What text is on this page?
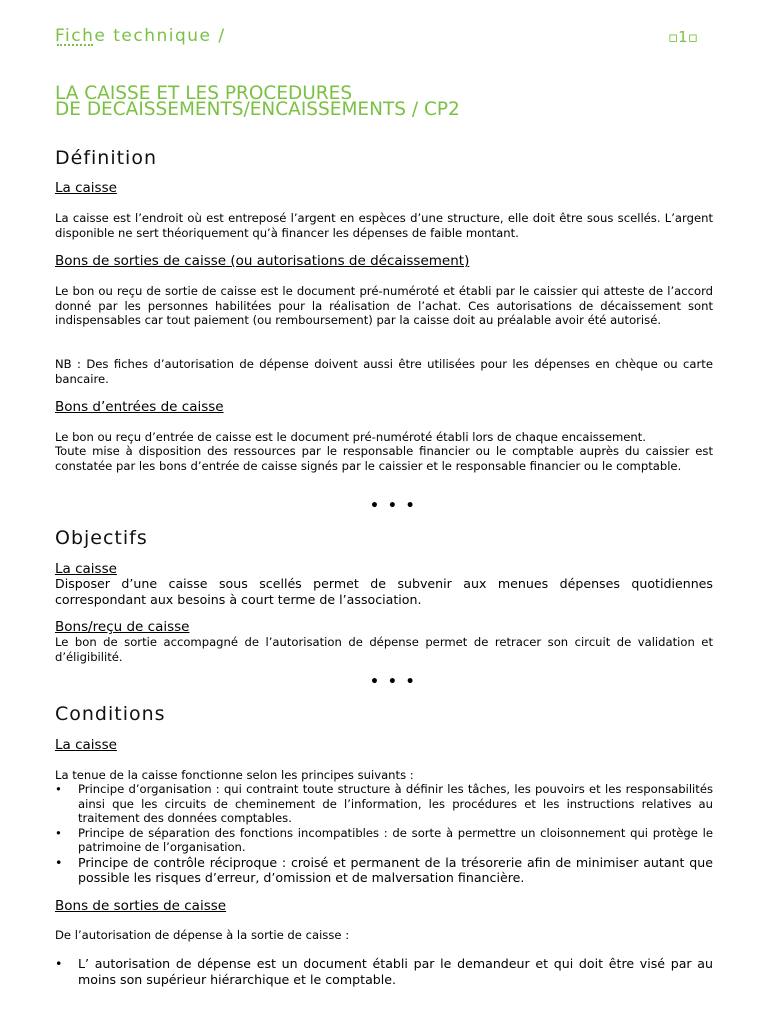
Fiche technique /	▫1▫
LA CAISSE ET LES PROCEDURES
DE DECAISSEMENTS/ENCAISSEMENTS / CP2
Définition
La caisse
La caisse est l’endroit où est entreposé l’argent en espèces d’une structure, elle doit être sous scellés. L’argent disponible ne sert théoriquement qu’à financer les dépenses de faible montant.
Bons de sorties de caisse (ou autorisations de décaissement)
Le bon ou reçu de sortie de caisse est le document pré-numéroté et établi par le caissier qui atteste de l’accord donné par les personnes habilitées pour la réalisation de l’achat. Ces autorisations de décaissement sont indispensables car tout paiement (ou remboursement) par la caisse doit au préalable avoir été autorisé.
NB : Des fiches d’autorisation de dépense doivent aussi être utilisées pour les dépenses en chèque ou carte bancaire.
Bons d’entrées de caisse
Le bon ou reçu d’entrée de caisse est le document pré-numéroté établi lors de chaque encaissement.
Toute mise à disposition des ressources par le responsable financier ou le comptable auprès du caissier est constatée par les bons d’entrée de caisse signés par le caissier et le responsable financier ou le comptable.
• • •
Objectifs
La caisse
Disposer d’une caisse sous scellés permet de subvenir aux menues dépenses quotidiennes correspondant aux besoins à court terme de l’association.
Bons/reçu de caisse
Le bon de sortie accompagné de l’autorisation de dépense permet de retracer son circuit de validation et d’éligibilité.
• • •
Conditions
La caisse
La tenue de la caisse fonctionne selon les principes suivants :
• Principe d’organisation : qui contraint toute structure à définir les tâches, les pouvoirs et les responsabilités ainsi que les circuits de cheminement de l’information, les procédures et les instructions relatives au traitement des données comptables.
• Principe de séparation des fonctions incompatibles : de sorte à permettre un cloisonnement qui protège le patrimoine de l’organisation.
• Principe de contrôle réciproque : croisé et permanent de la trésorerie afin de minimiser autant que possible les risques d’erreur, d’omission et de malversation financière.
Bons de sorties de caisse
De l’autorisation de dépense à la sortie de caisse :
• L’ autorisation de dépense est un document établi par le demandeur et qui doit être visé par au moins son supérieur hiérarchique et le comptable.
